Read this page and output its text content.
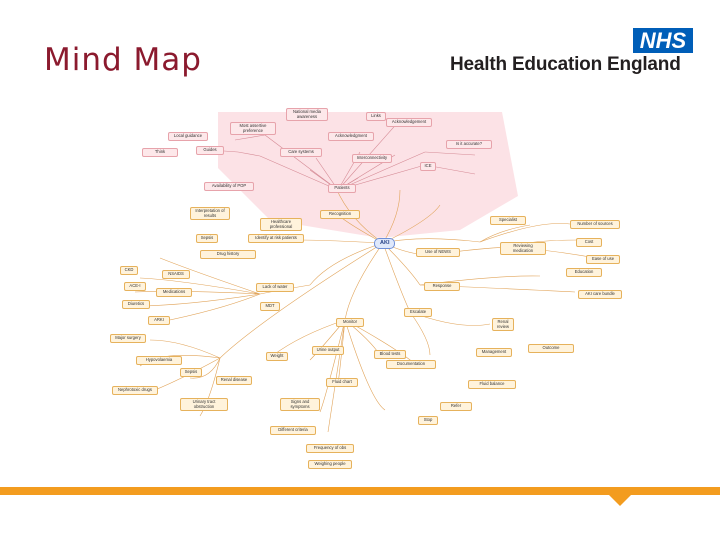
Mind Map
NHS
Health Education England
National media awareness	Links
Most assertive preference
Acknowledgement
Local guidance
Guides
Think
Acknowledgment
Care systems
Interconnectivity
ICE
Is it accurate?
Patients
Availability of POP
Interpretation of results	Recognition
Healthcare professional
Identify at risk patients
Sepsis
Use of NEWS
Drug history
CKD
NSAIDS
ACE-I
Diuretics
Medications
Lack of water
MDT
ARKI
Major surgery
Hypovolaemia
Sepsis
Renal disease
Nephrotoxic drugs
Urinary tract obstruction
AKI
Monitor
Fluid chart
Weight
Urine output
Blood tests
Signs and symptoms
Different criteria
Frequency of obs
Weighing people
Stop
Escalate
Renal review
Refer
Response
Management
Outcome
Ease of use
Education
AKI care bundle
Cost
Reviewing medication
Fluid balance
Specialist
Documentation
Number of sources
